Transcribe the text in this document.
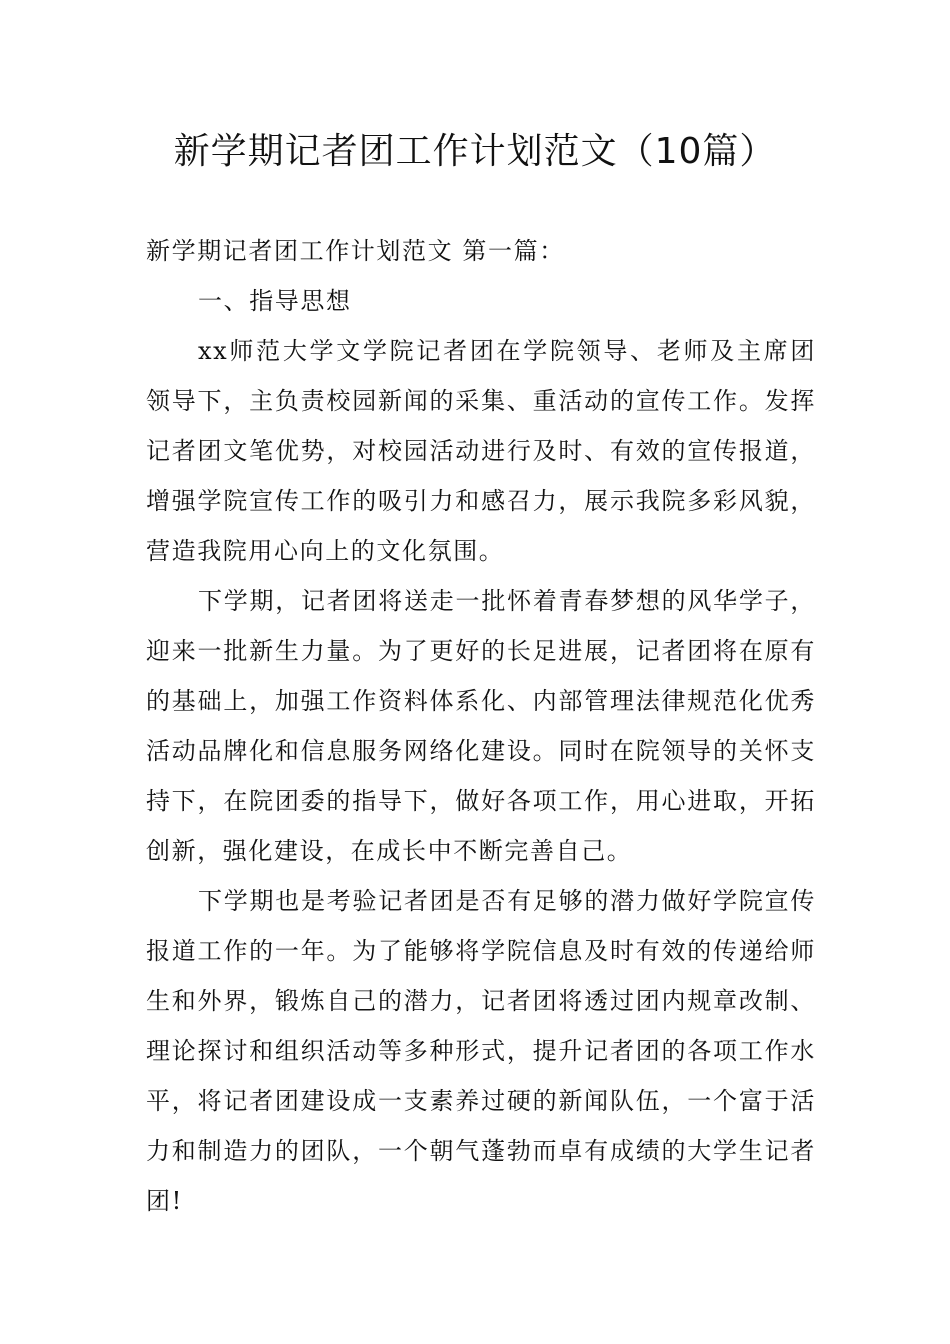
新学期记者团工作计划范文（10篇）

新学期记者团工作计划范文 第一篇：

一、指导思想

xx师范大学文学院记者团在学院领导、老师及主席团领导下，主负责校园新闻的采集、重活动的宣传工作。发挥记者团文笔优势，对校园活动进行及时、有效的宣传报道，增强学院宣传工作的吸引力和感召力，展示我院多彩风貌，营造我院用心向上的文化氛围。

下学期，记者团将送走一批怀着青春梦想的风华学子，迎来一批新生力量。为了更好的长足进展，记者团将在原有的基础上，加强工作资料体系化、内部管理法律规范化优秀活动品牌化和信息服务网络化建设。同时在院领导的关怀支持下，在院团委的指导下，做好各项工作，用心进取，开拓创新，强化建设，在成长中不断完善自己。

下学期也是考验记者团是否有足够的潜力做好学院宣传报道工作的一年。为了能够将学院信息及时有效的传递给师生和外界，锻炼自己的潜力，记者团将透过团内规章改制、理论探讨和组织活动等多种形式，提升记者团的各项工作水平，将记者团建设成一支素养过硬的新闻队伍，一个富于活力和制造力的团队，一个朝气蓬勃而卓有成绩的大学生记者团!
